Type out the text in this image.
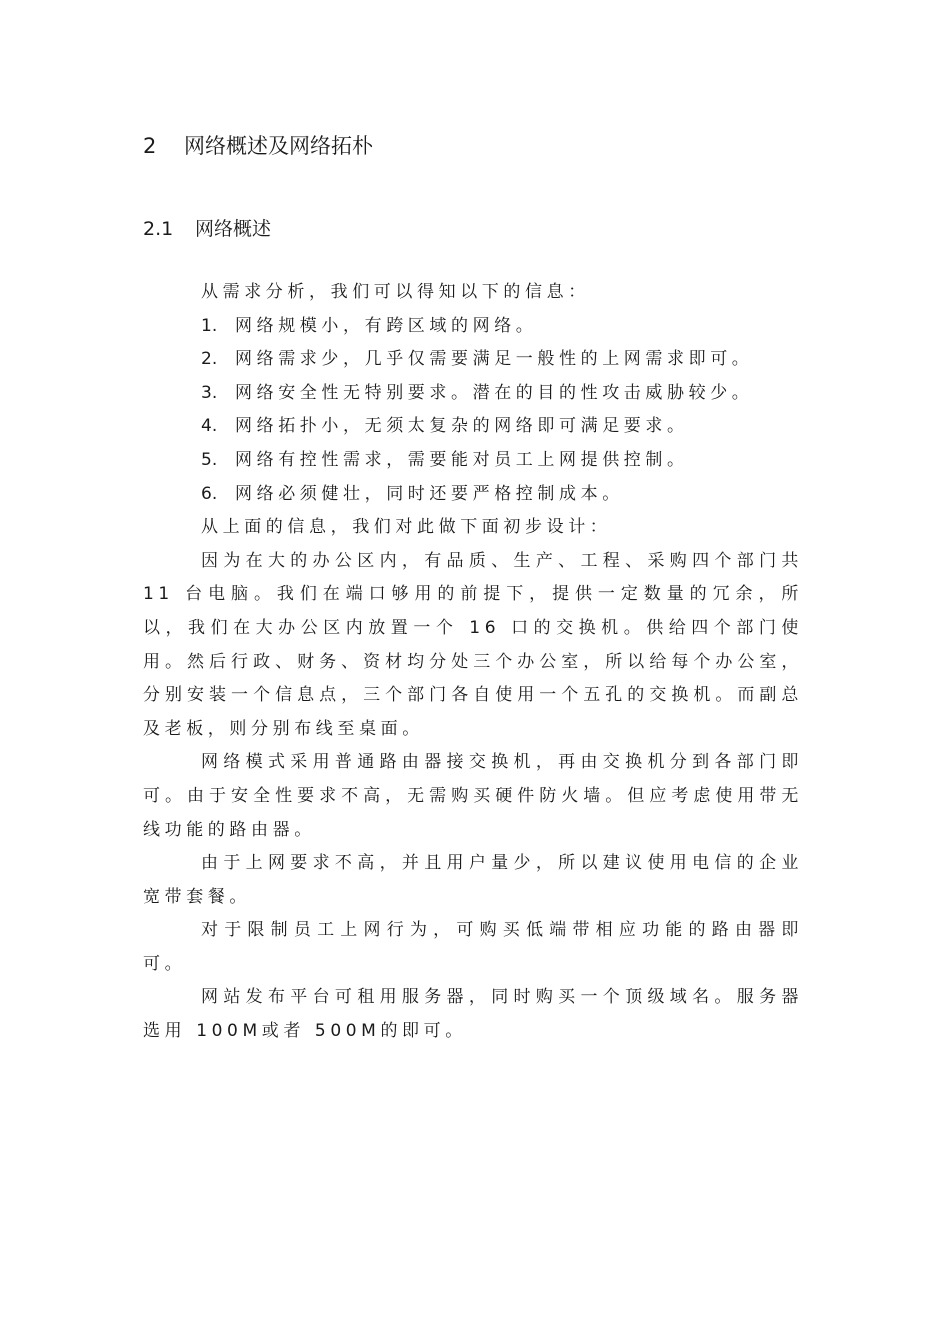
2 网络概述及网络拓朴
2.1 网络概述

从需求分析，我们可以得知以下的信息：

1. 网络规模小，有跨区域的网络。
2. 网络需求少，几乎仅需要满足一般性的上网需求即可。
3. 网络安全性无特别要求。潜在的目的性攻击威胁较少。
4. 网络拓扑小，无须太复杂的网络即可满足要求。
5. 网络有控性需求，需要能对员工上网提供控制。
6. 网络必须健壮，同时还要严格控制成本。

从上面的信息，我们对此做下面初步设计：

因为在大的办公区内，有品质、生产、工程、采购四个部门共 11 台电脑。我们在端口够用的前提下，提供一定数量的冗余，所以，我们在大办公区内放置一个 16 口的交换机。供给四个部门使用。然后行政、财务、资材均分处三个办公室，所以给每个办公室，分别安装一个信息点，三个部门各自使用一个五孔的交换机。而副总及老板，则分别布线至桌面。

网络模式采用普通路由器接交换机，再由交换机分到各部门即可。由于安全性要求不高，无需购买硬件防火墙。但应考虑使用带无线功能的路由器。

由于上网要求不高，并且用户量少，所以建议使用电信的企业宽带套餐。

对于限制员工上网行为，可购买低端带相应功能的路由器即可。

网站发布平台可租用服务器，同时购买一个顶级域名。服务器选用 100M或者 500M的即可。
